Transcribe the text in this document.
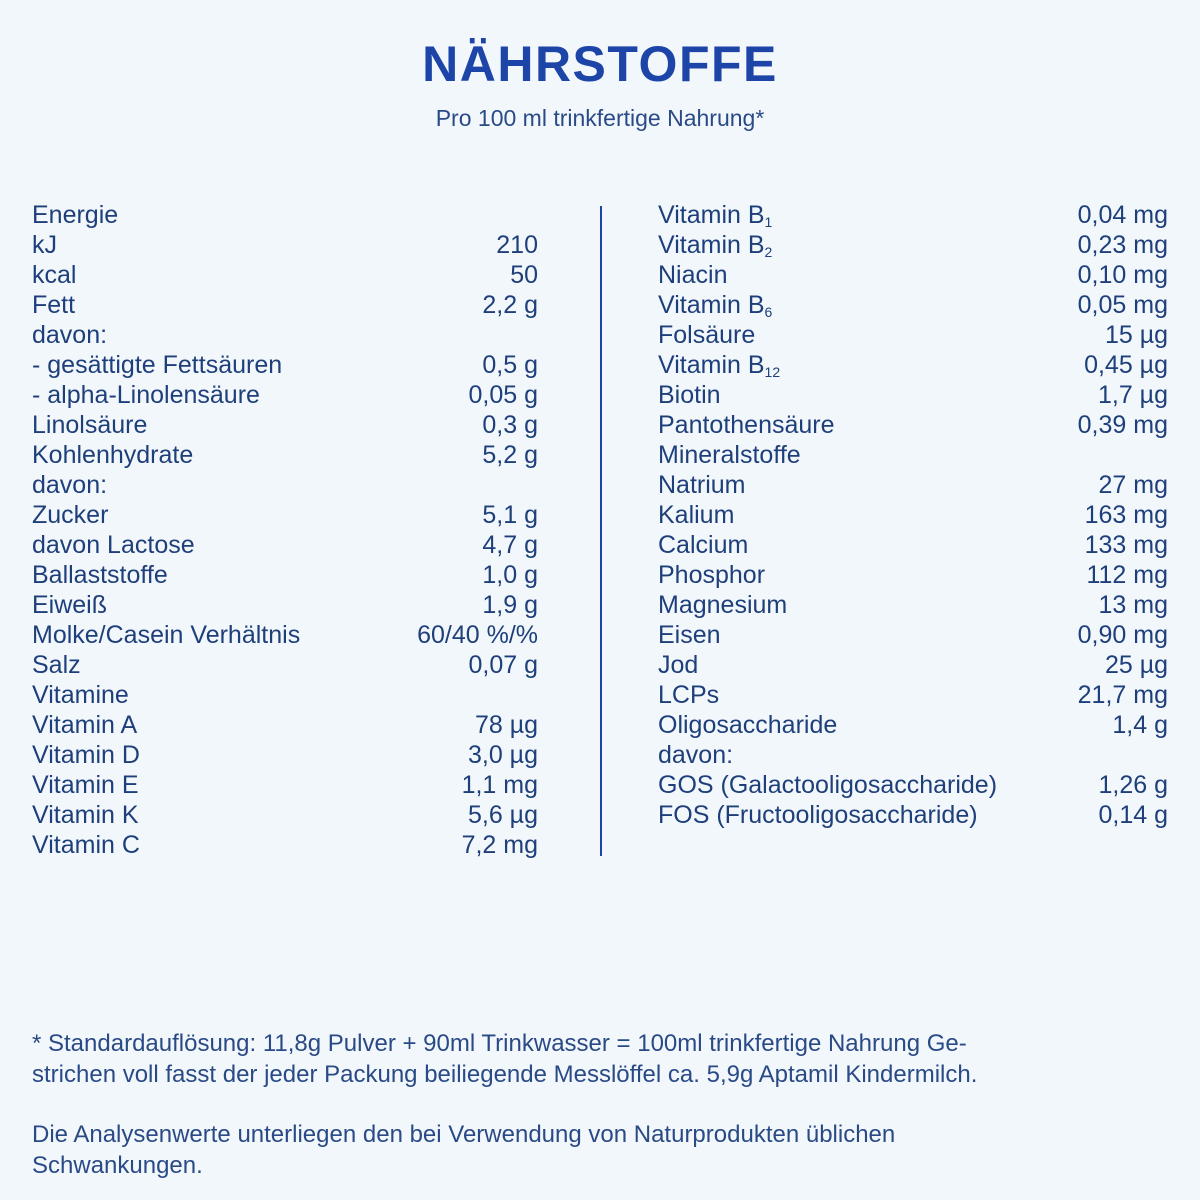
NÄHRSTOFFE
Pro 100 ml trinkfertige Nahrung*
Energie
kJ	210
kcal	50
Fett	2,2 g
davon:
- gesättigte Fettsäuren	0,5 g
- alpha-Linolensäure	0,05 g
Linolsäure	0,3 g
Kohlenhydrate	5,2 g
davon:
Zucker	5,1 g
davon Lactose	4,7 g
Ballaststoffe	1,0 g
Eiweiß	1,9 g
Molke/Casein Verhältnis	60/40 %/%
Salz	0,07 g
Vitamine
Vitamin A	78 µg
Vitamin D	3,0 µg
Vitamin E	1,1 mg
Vitamin K	5,6 µg
Vitamin C	7,2 mg
Vitamin $B_1$	0,04 mg
Vitamin $B_2$	0,23 mg
Niacin	0,10 mg
Vitamin $B_6$	0,05 mg
Folsäure	15 µg
Vitamin $B_{12}$	0,45 µg
Biotin	1,7 µg
Pantothensäure	0,39 mg
Mineralstoffe
Natrium	27 mg
Kalium	163 mg
Calcium	133 mg
Phosphor	112 mg
Magnesium	13 mg
Eisen	0,90 mg
Jod	25 µg
LCPs	21,7 mg
Oligosaccharide	1,4 g
davon:
GOS (Galactooligosaccharide)	1,26 g
FOS (Fructooligosaccharide)	0,14 g
* Standardauflösung: 11,8g Pulver + 90ml Trinkwasser = 100ml trinkfertige Nahrung Ge-
strichen voll fasst der jeder Packung beiliegende Messlöffel ca. 5,9g Aptamil Kindermilch.
Die Analysenwerte unterliegen den bei Verwendung von Naturprodukten üblichen
Schwankungen.
